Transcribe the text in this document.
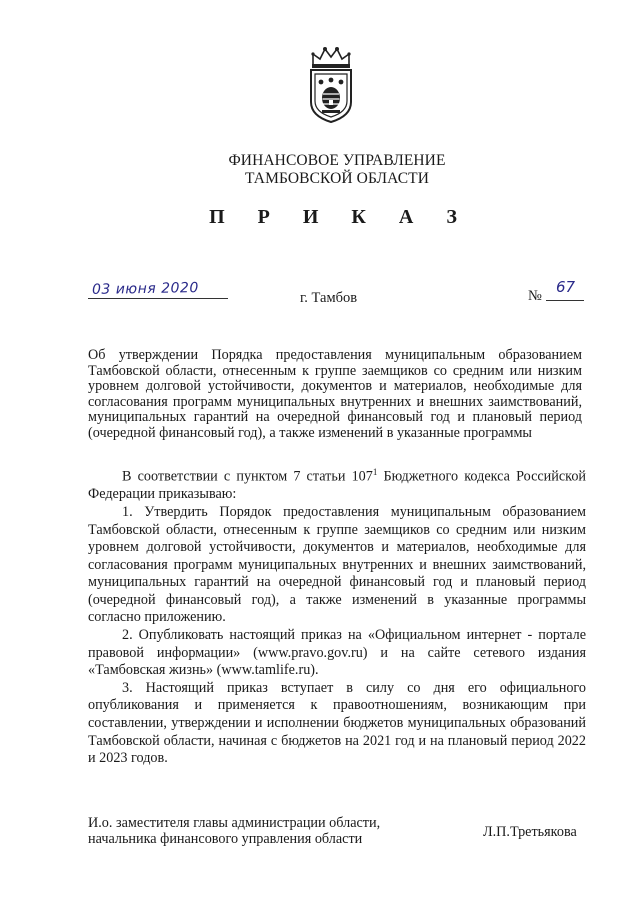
ФИНАНСОВОЕ УПРАВЛЕНИЕ
ТАМБОВСКОЙ ОБЛАСТИ
П Р И К А З
03 июня 2020
г. Тамбов	№ 67
Об утверждении Порядка предоставления муниципальным образованием Тамбовской области, отнесенным к группе заемщиков со средним или низким уровнем долговой устойчивости, документов и материалов, необходимые для согласования программ муниципальных внутренних и внешних заимствований, муниципальных гарантий на очередной финансовый год и плановый период (очередной финансовый год), а также изменений в указанные программы

В соответствии с пунктом 7 статьи $107^1$ Бюджетного кодекса Российской Федерации приказываю:

1. Утвердить Порядок предоставления муниципальным образованием Тамбовской области, отнесенным к группе заемщиков со средним или низким уровнем долговой устойчивости, документов и материалов, необходимые для согласования программ муниципальных внутренних и внешних заимствований, муниципальных гарантий на очередной финансовый год и плановый период (очередной финансовый год), а также изменений в указанные программы согласно приложению.

2. Опубликовать настоящий приказ на «Официальном интернет - портале правовой информации» (www.pravo.gov.ru) и на сайте сетевого издания «Тамбовская жизнь» (www.tamlife.ru).

3. Настоящий приказ вступает в силу со дня его официального опубликования и применяется к правоотношениям, возникающим при составлении, утверждении и исполнении бюджетов муниципальных образований Тамбовской области, начиная с бюджетов на 2021 год и на плановый период 2022 и 2023 годов.

И.о. заместителя главы администрации области,
начальника финансового управления области	Л.П.Третьякова
